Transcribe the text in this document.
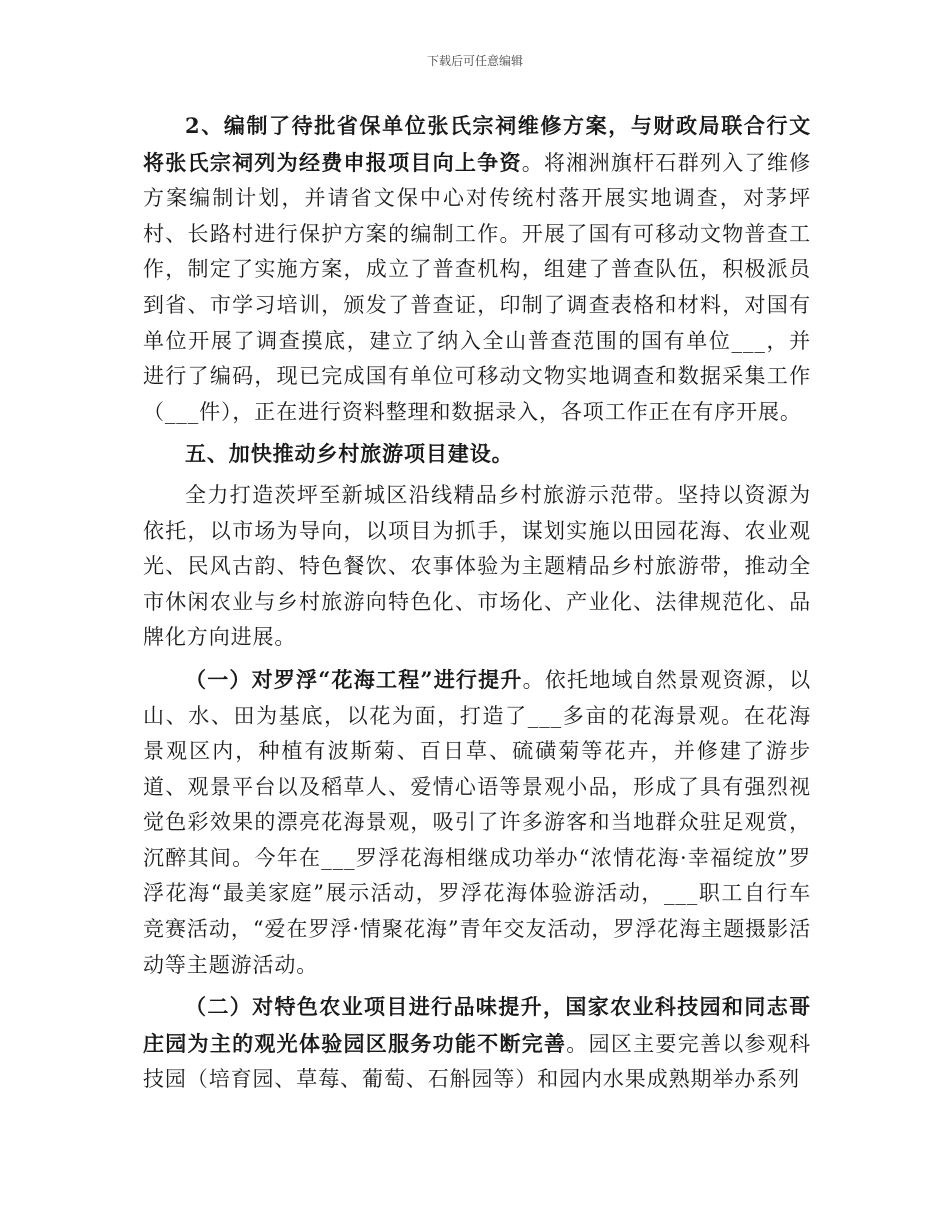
下载后可任意编辑

2、编制了待批省保单位张氏宗祠维修方案，与财政局联合行文将张氏宗祠列为经费申报项目向上争资。将湘洲旗杆石群列入了维修方案编制计划，并请省文保中心对传统村落开展实地调查，对茅坪村、长路村进行保护方案的编制工作。开展了国有可移动文物普查工作，制定了实施方案，成立了普查机构，组建了普查队伍，积极派员到省、市学习培训，颁发了普查证，印制了调查表格和材料，对国有单位开展了调查摸底，建立了纳入全山普查范围的国有单位___，并进行了编码，现已完成国有单位可移动文物实地调查和数据采集工作（___件），正在进行资料整理和数据录入，各项工作正在有序开展。

五、加快推动乡村旅游项目建设。

全力打造茨坪至新城区沿线精品乡村旅游示范带。坚持以资源为依托，以市场为导向，以项目为抓手，谋划实施以田园花海、农业观光、民风古韵、特色餐饮、农事体验为主题精品乡村旅游带，推动全市休闲农业与乡村旅游向特色化、市场化、产业化、法律规范化、品牌化方向进展。

（一）对罗浮“花海工程”进行提升。依托地域自然景观资源，以山、水、田为基底，以花为面，打造了___多亩的花海景观。在花海景观区内，种植有波斯菊、百日草、硫磺菊等花卉，并修建了游步道、观景平台以及稻草人、爱情心语等景观小品，形成了具有强烈视觉色彩效果的漂亮花海景观，吸引了许多游客和当地群众驻足观赏，沉醉其间。今年在___罗浮花海相继成功举办“浓情花海·幸福绽放”罗浮花海“最美家庭”展示活动，罗浮花海体验游活动，___职工自行车竞赛活动，“爱在罗浮·情聚花海”青年交友活动，罗浮花海主题摄影活动等主题游活动。

（二）对特色农业项目进行品味提升，国家农业科技园和同志哥庄园为主的观光体验园区服务功能不断完善。园区主要完善以参观科技园（培育园、草莓、葡萄、石斛园等）和园内水果成熟期举办系列
